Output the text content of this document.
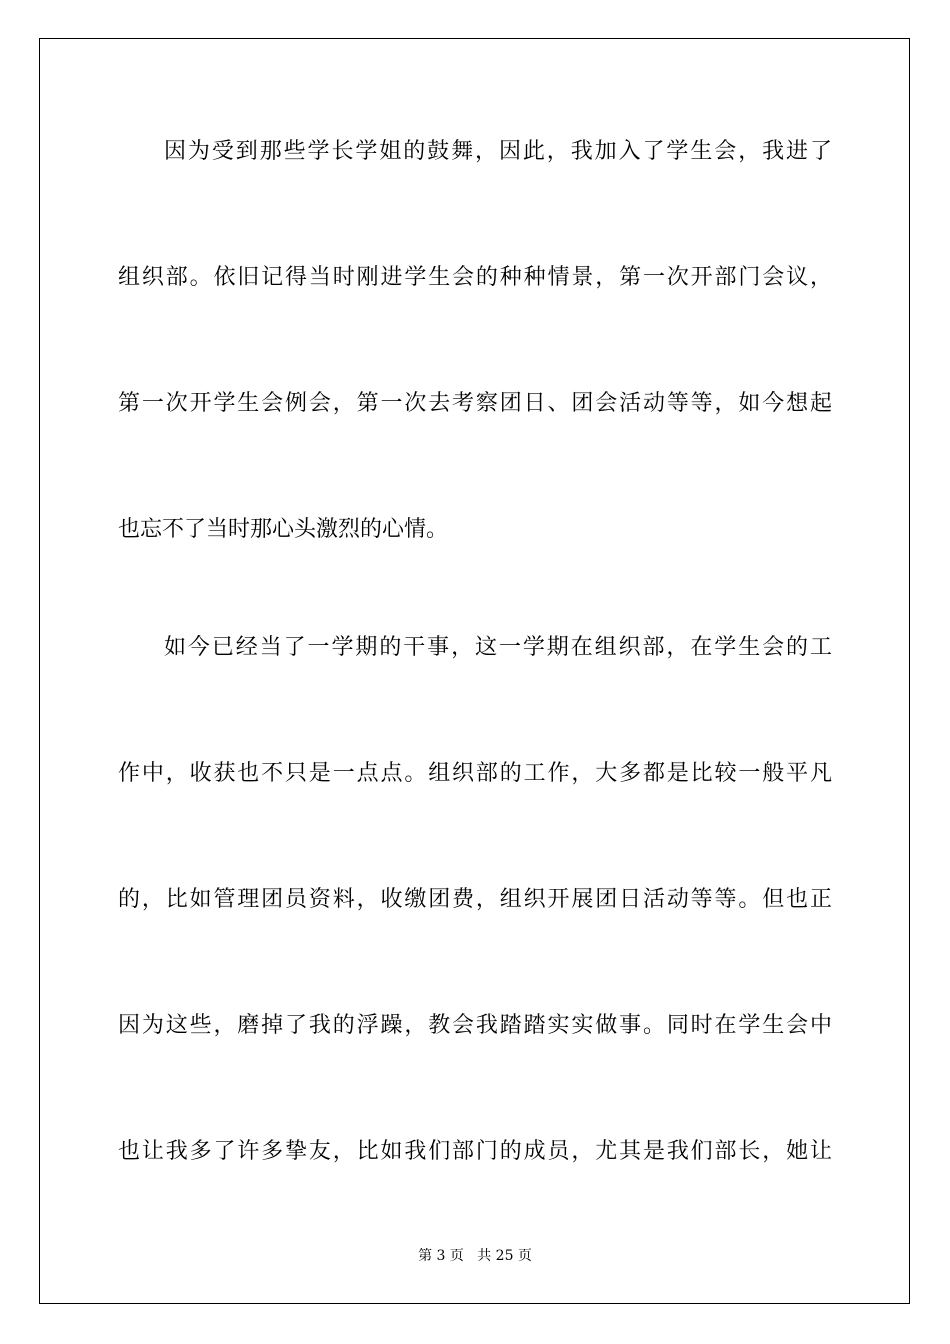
因为受到那些学长学姐的鼓舞，因此，我加入了学生会，我进了
组织部。依旧记得当时刚进学生会的种种情景，第一次开部门会议，
第一次开学生会例会，第一次去考察团日、团会活动等等，如今想起
也忘不了当时那心头激烈的心情。
如今已经当了一学期的干事，这一学期在组织部，在学生会的工
作中，收获也不只是一点点。组织部的工作，大多都是比较一般平凡
的，比如管理团员资料，收缴团费，组织开展团日活动等等。但也正
因为这些，磨掉了我的浮躁，教会我踏踏实实做事。同时在学生会中
也让我多了许多挚友，比如我们部门的成员，尤其是我们部长，她让
第 3 页   共 25 页
